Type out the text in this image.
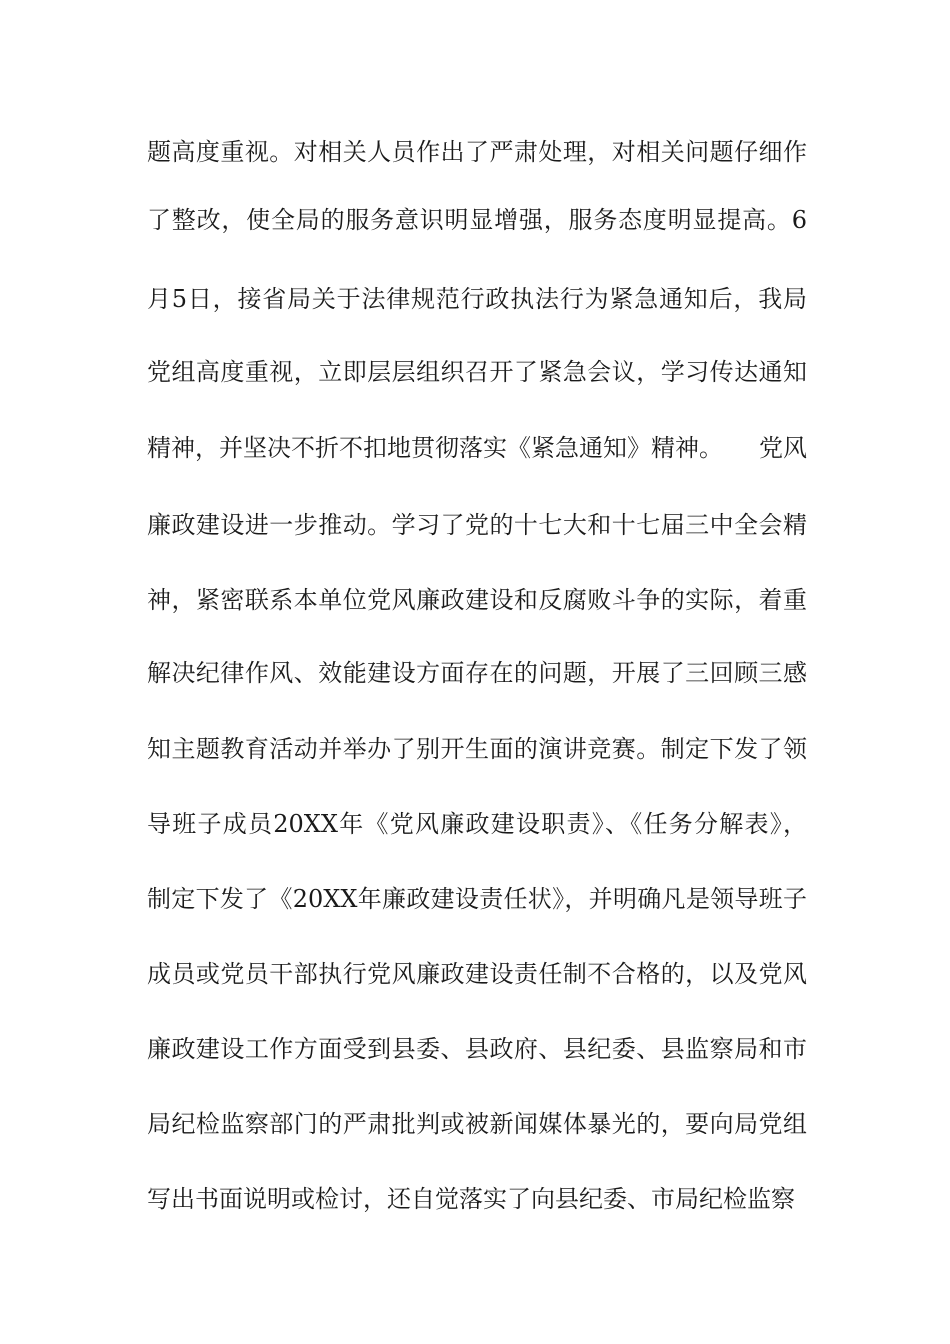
题高度重视。对相关人员作出了严肃处理，对相关问题仔细作
了整改，使全局的服务意识明显增强，服务态度明显提高。6
月5日，接省局关于法律规范行政执法行为紧急通知后，我局
党组高度重视，立即层层组织召开了紧急会议，学习传达通知
精神，并坚决不折不扣地贯彻落实《紧急通知》精神。　　党风
廉政建设进一步推动。学习了党的十七大和十七届三中全会精
神，紧密联系本单位党风廉政建设和反腐败斗争的实际，着重
解决纪律作风、效能建设方面存在的问题，开展了三回顾三感
知主题教育活动并举办了别开生面的演讲竞赛。制定下发了领
导班子成员20XX年《党风廉政建设职责》、《任务分解表》，
制定下发了《20XX年廉政建设责任状》，并明确凡是领导班子
成员或党员干部执行党风廉政建设责任制不合格的，以及党风
廉政建设工作方面受到县委、县政府、县纪委、县监察局和市
局纪检监察部门的严肃批判或被新闻媒体暴光的，要向局党组
写出书面说明或检讨，还自觉落实了向县纪委、市局纪检监察
